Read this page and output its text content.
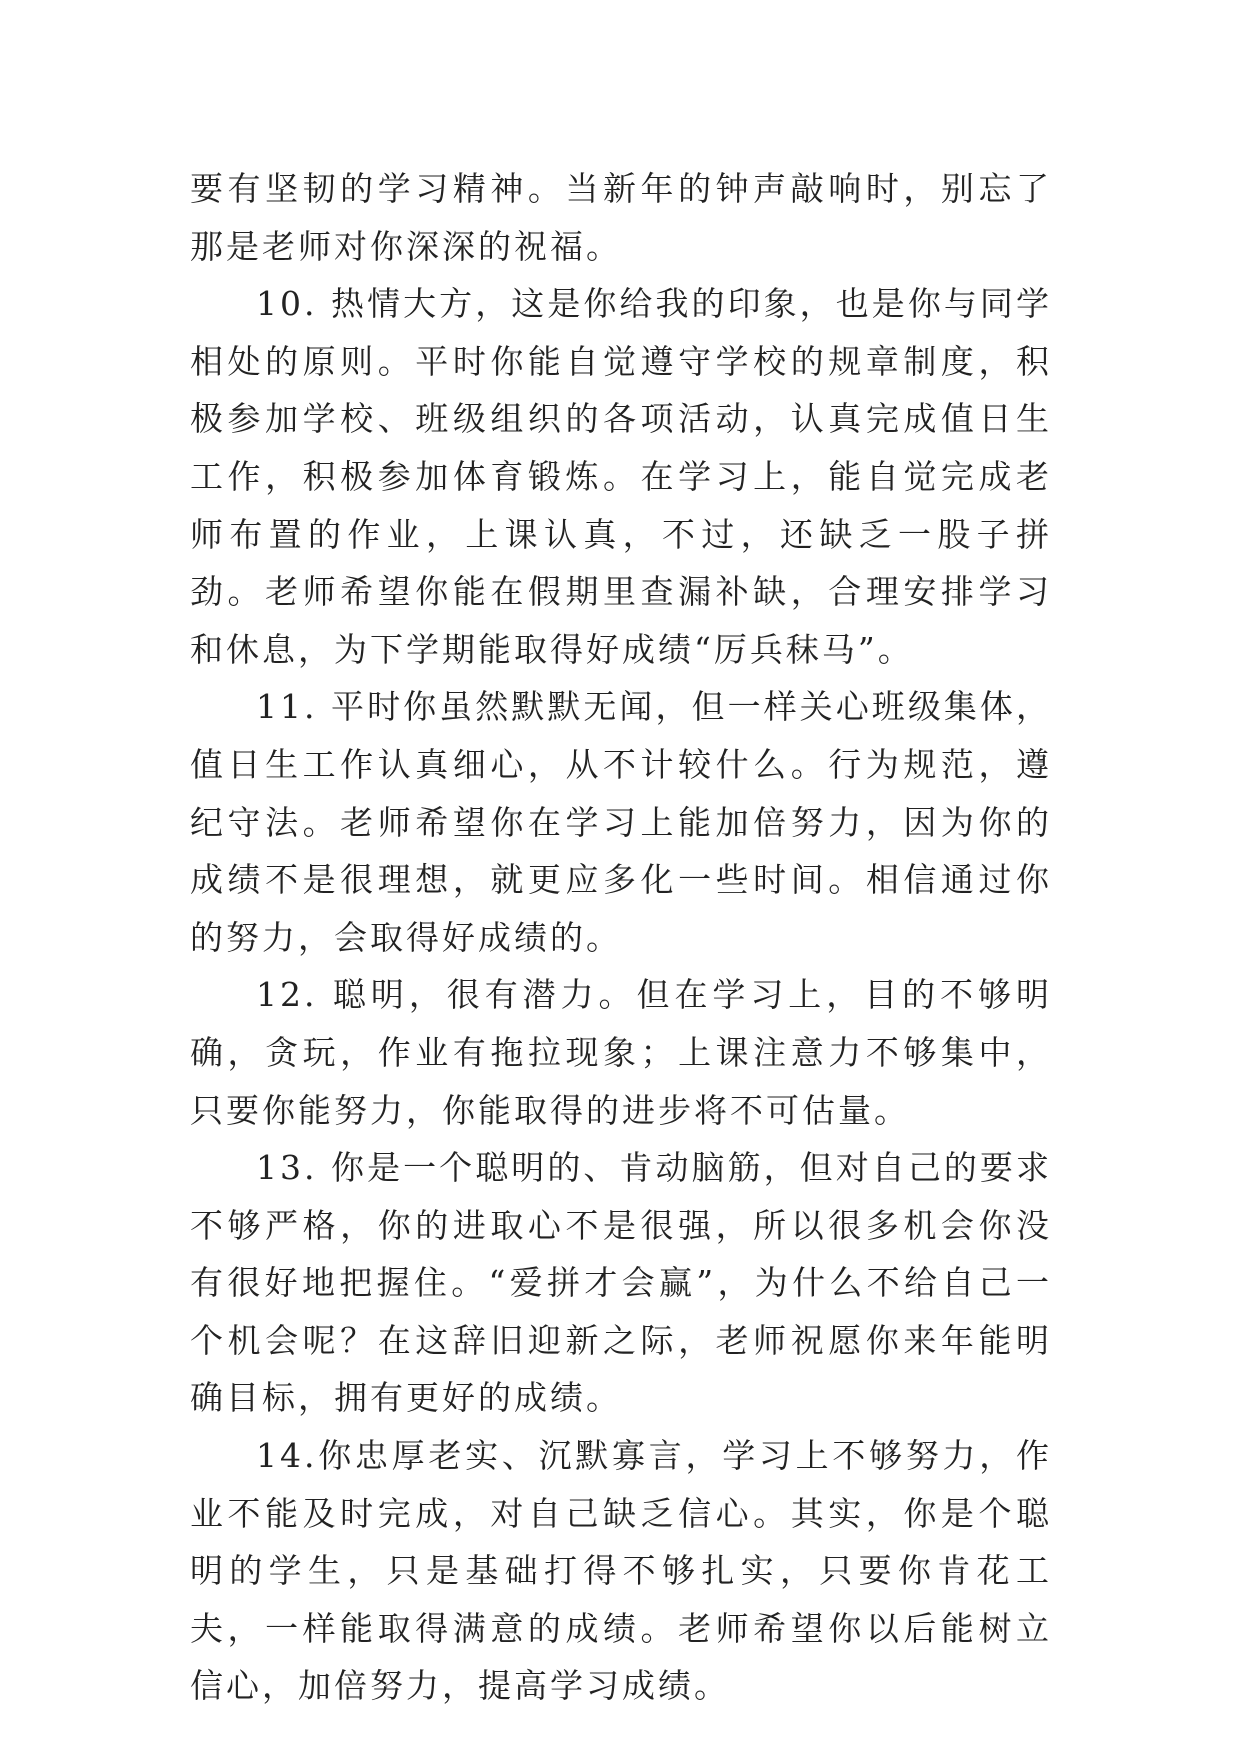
要有坚韧的学习精神。当新年的钟声敲响时，别忘了那是老师对你深深的祝福。

10. 热情大方，这是你给我的印象，也是你与同学相处的原则。平时你能自觉遵守学校的规章制度，积极参加学校、班级组织的各项活动，认真完成值日生工作，积极参加体育锻炼。在学习上，能自觉完成老师布置的作业，上课认真，不过，还缺乏一股子拼劲。老师希望你能在假期里查漏补缺，合理安排学习和休息，为下学期能取得好成绩“厉兵秣马”。

11. 平时你虽然默默无闻，但一样关心班级集体，值日生工作认真细心，从不计较什么。行为规范，遵纪守法。老师希望你在学习上能加倍努力，因为你的成绩不是很理想，就更应多化一些时间。相信通过你的努力，会取得好成绩的。

12. 聪明，很有潜力。但在学习上，目的不够明确，贪玩，作业有拖拉现象；上课注意力不够集中，只要你能努力，你能取得的进步将不可估量。

13. 你是一个聪明的、肯动脑筋，但对自己的要求不够严格，你的进取心不是很强，所以很多机会你没有很好地把握住。“爱拼才会赢”，为什么不给自己一个机会呢？在这辞旧迎新之际，老师祝愿你来年能明确目标，拥有更好的成绩。

14.你忠厚老实、沉默寡言，学习上不够努力，作业不能及时完成，对自己缺乏信心。其实，你是个聪明的学生，只是基础打得不够扎实，只要你肯花工夫，一样能取得满意的成绩。老师希望你以后能树立信心，加倍努力，提高学习成绩。
